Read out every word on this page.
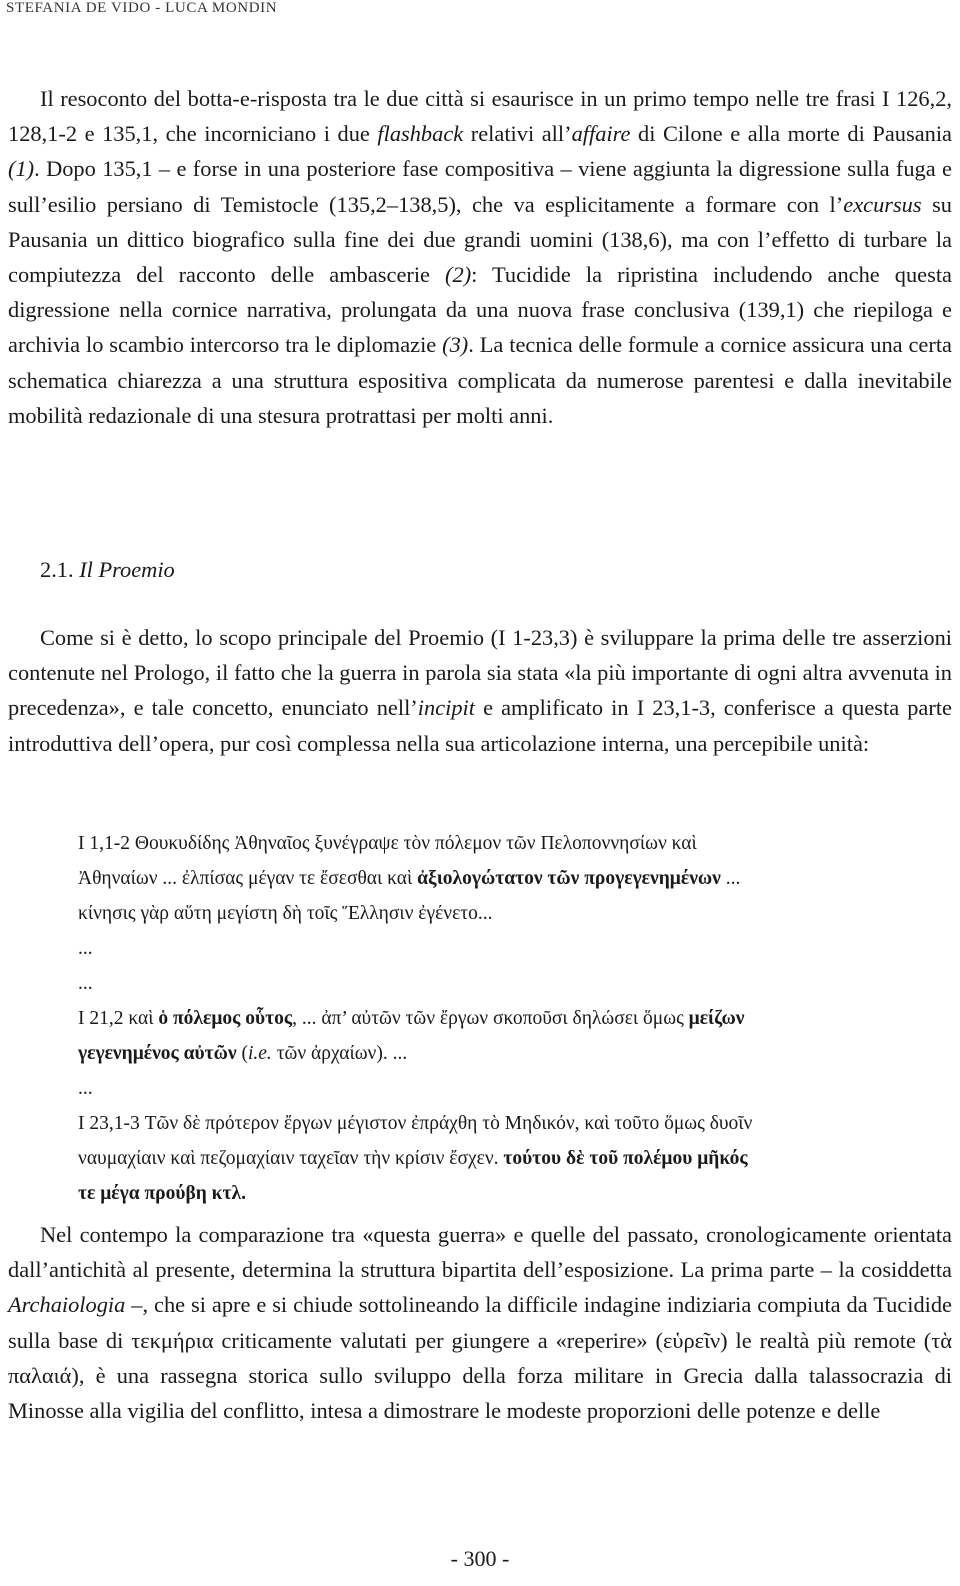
STEFANIA DE VIDO - LUCA MONDIN

Il resoconto del botta-e-risposta tra le due città si esaurisce in un primo tempo nelle tre frasi I 126,2, 128,1-2 e 135,1, che incorniciano i due flashback relativi all’affaire di Cilone e alla morte di Pausania (1). Dopo 135,1 – e forse in una posteriore fase compositiva – viene aggiunta la digressione sulla fuga e sull’esilio persiano di Temistocle (135,2–138,5), che va esplicitamente a formare con l’excursus su Pausania un dittico biografico sulla fine dei due grandi uomini (138,6), ma con l’effetto di turbare la compiutezza del racconto delle ambascerie (2): Tucidide la ripristina includendo anche questa digressione nella cornice narrativa, prolungata da una nuova frase conclusiva (139,1) che riepiloga e archivia lo scambio intercorso tra le diplomazie (3). La tecnica delle formule a cornice assicura una certa schematica chiarezza a una struttura espositiva complicata da numerose parentesi e dalla inevitabile mobilità redazionale di una stesura protrattasi per molti anni.

2.1. Il Proemio

Come si è detto, lo scopo principale del Proemio (I 1-23,3) è sviluppare la prima delle tre asserzioni contenute nel Prologo, il fatto che la guerra in parola sia stata «la più importante di ogni altra avvenuta in precedenza», e tale concetto, enunciato nell’incipit e amplificato in I 23,1-3, conferisce a questa parte introduttiva dell’opera, pur così complessa nella sua articolazione interna, una percepibile unità:

I 1,1-2 Θουκυδίδης Ἀθηναῖος ξυνέγραψε τὸν πόλεμον τῶν Πελοποννησίων καὶ
Ἀθηναίων ... ἐλπίσας μέγαν τε ἔσεσθαι καὶ ἀξιολογώτατον τῶν προγεγενημένων ...
κίνησις γὰρ αὕτη μεγίστη δὴ τοῖς Ἕλλησιν ἐγένετο...
...
...
I 21,2 καὶ ὁ πόλεμος οὗτος, ... ἀπ’ αὐτῶν τῶν ἔργων σκοποῦσι δηλώσει ὅμως μείζων
γεγενημένος αὐτῶν (i.e. τῶν ἀρχαίων). ...
...
I 23,1-3 Τῶν δὲ πρότερον ἔργων μέγιστον ἐπράχθη τὸ Μηδικόν, καὶ τοῦτο ὅμως δυοῖν
ναυμαχίαιν καὶ πεζομαχίαιν ταχεῖαν τὴν κρίσιν ἔσχεν. τούτου δὲ τοῦ πολέμου μῆκός
τε μέγα προύβη κτλ.

Nel contempo la comparazione tra «questa guerra» e quelle del passato, cronologicamente orientata dall’antichità al presente, determina la struttura bipartita dell’esposizione. La prima parte – la cosiddetta Archaiologia –, che si apre e si chiude sottolineando la difficile indagine indiziaria compiuta da Tucidide sulla base di τεκμήρια criticamente valutati per giungere a «reperire» (εὑρεῖν) le realtà più remote (τὰ παλαιά), è una rassegna storica sullo sviluppo della forza militare in Grecia dalla talassocrazia di Minosse alla vigilia del conflitto, intesa a dimostrare le modeste proporzioni delle potenze e delle

- 300 -
